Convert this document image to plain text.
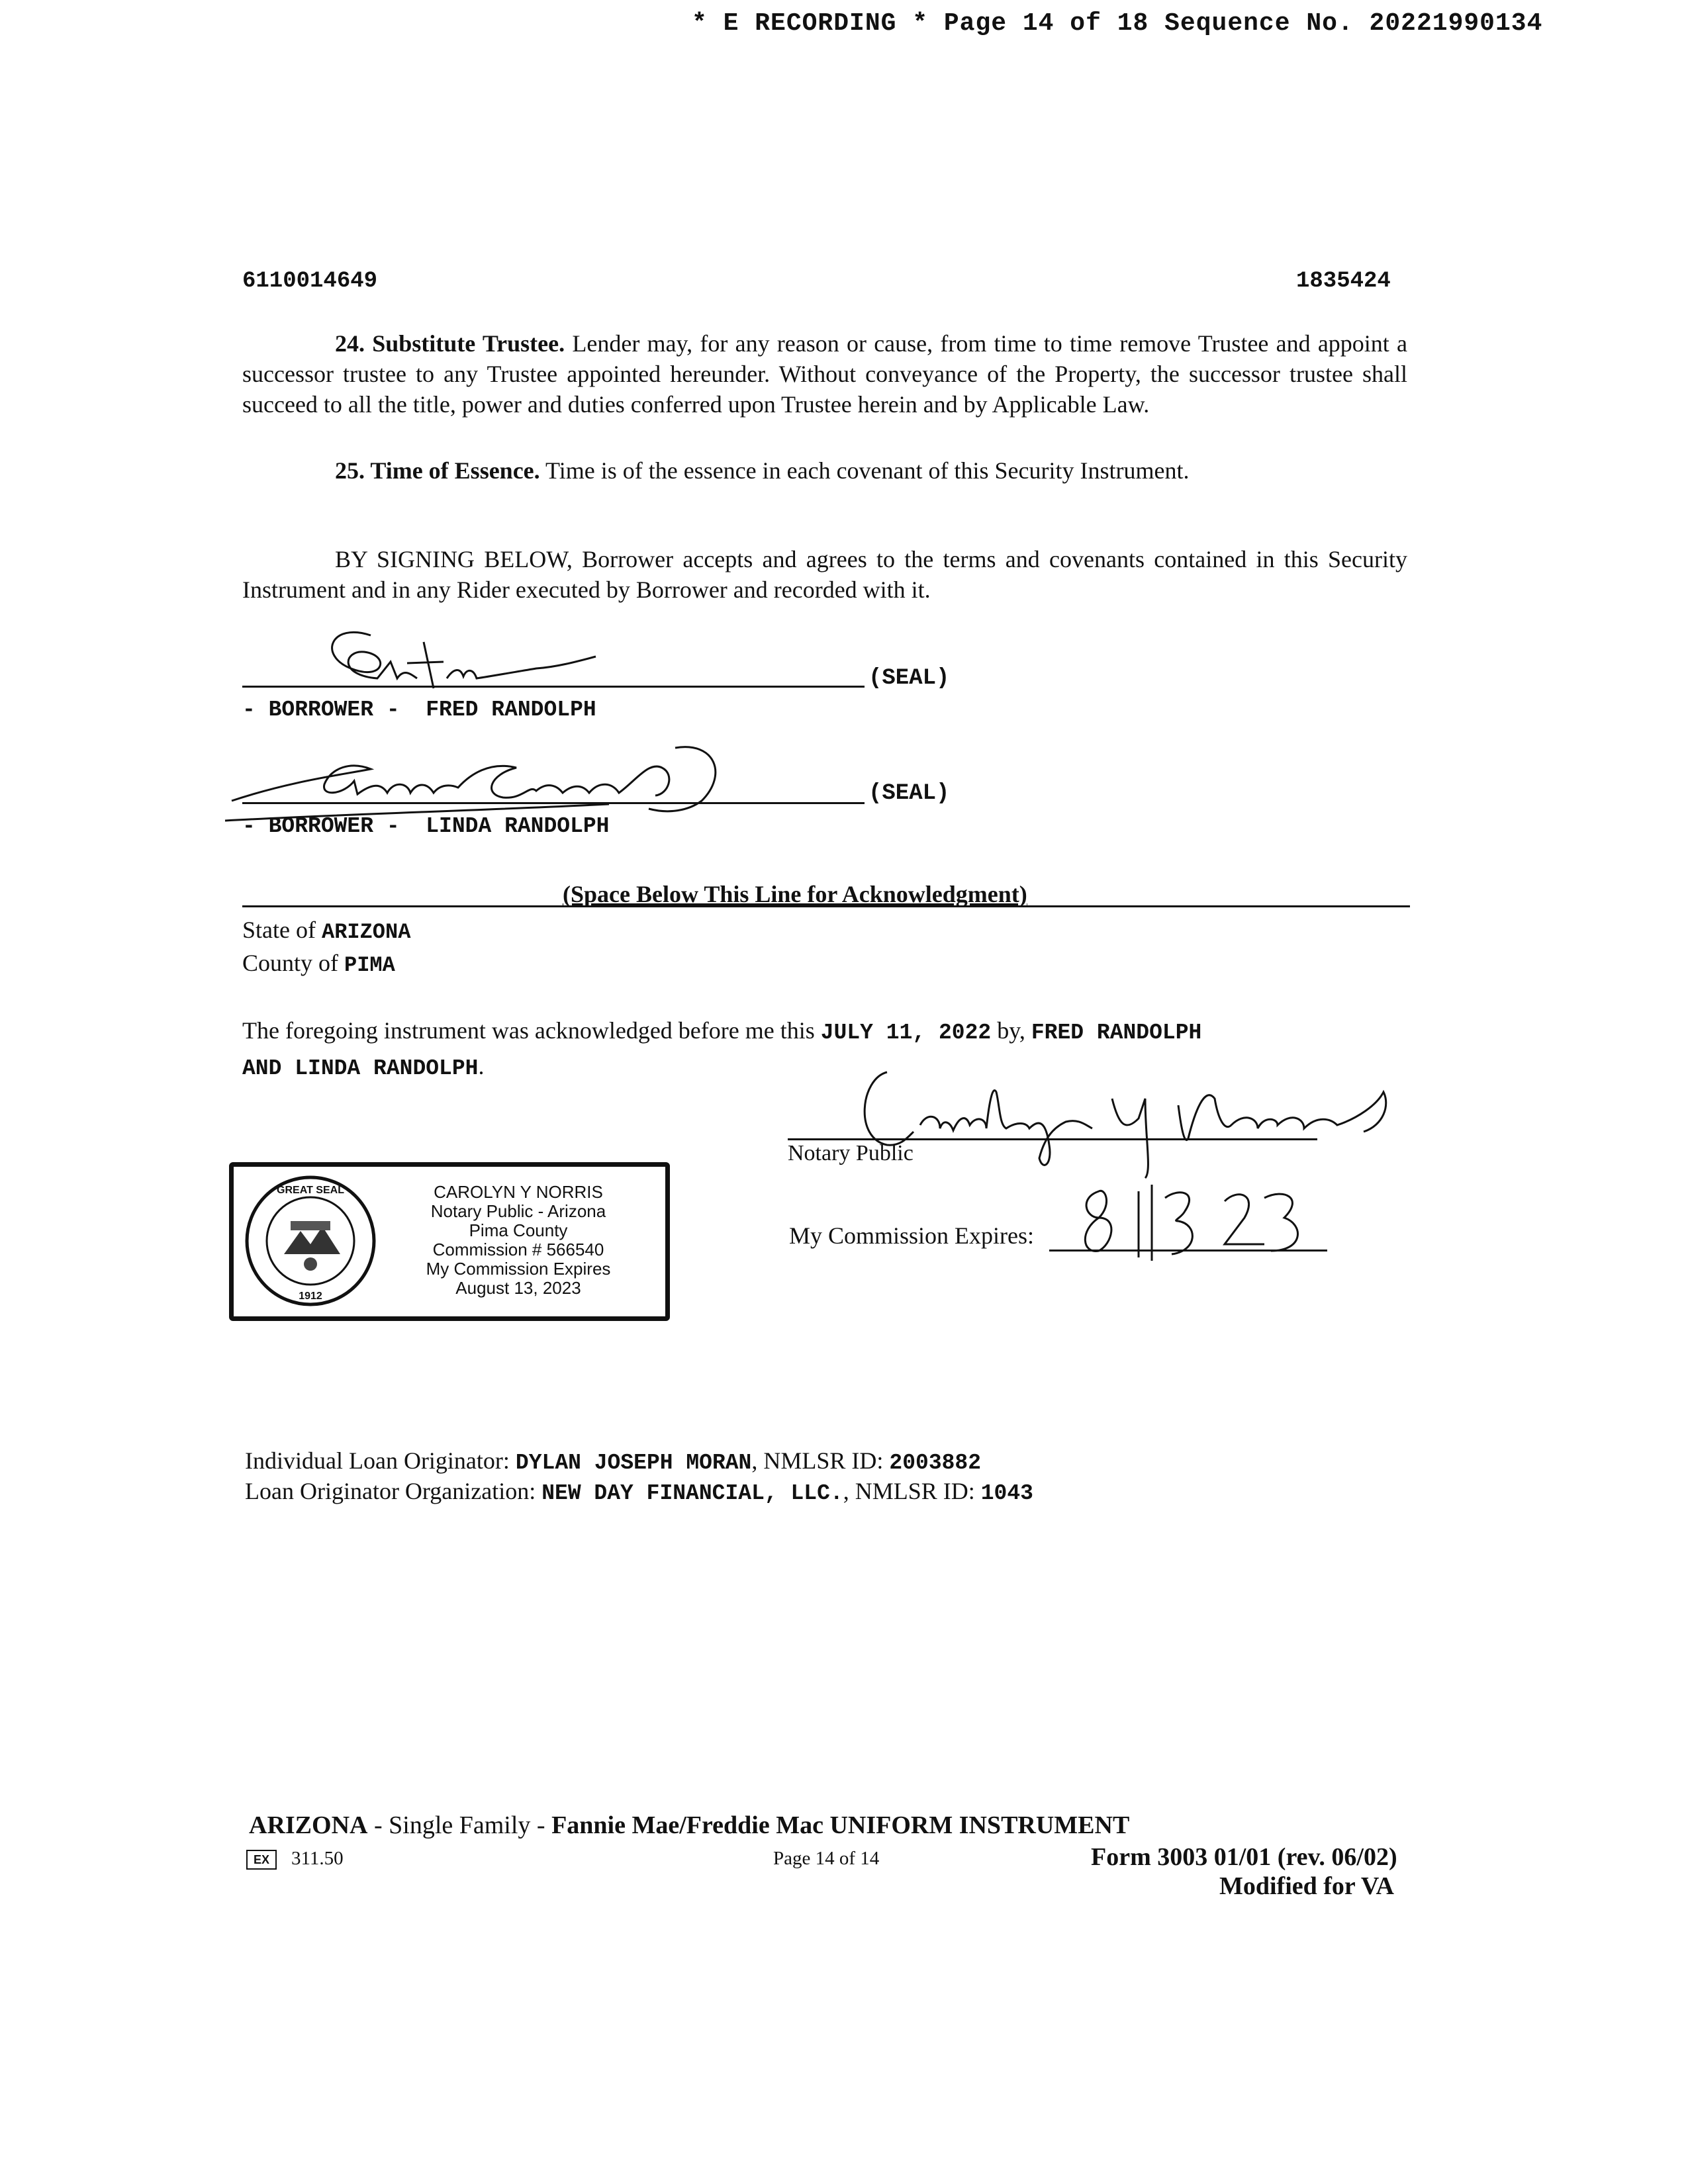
* E RECORDING * Page 14 of 18 Sequence No. 20221990134
6110014649	1835424
24. Substitute Trustee. Lender may, for any reason or cause, from time to time remove Trustee and appoint a successor trustee to any Trustee appointed hereunder. Without conveyance of the Property, the successor trustee shall succeed to all the title, power and duties conferred upon Trustee herein and by Applicable Law.
25. Time of Essence. Time is of the essence in each covenant of this Security Instrument.
BY SIGNING BELOW, Borrower accepts and agrees to the terms and covenants contained in this Security Instrument and in any Rider executed by Borrower and recorded with it.
(SEAL)
- BORROWER -  FRED RANDOLPH
(SEAL)
- BORROWER -  LINDA RANDOLPH
(Space Below This Line for Acknowledgment)
State of ARIZONA
County of PIMA
The foregoing instrument was acknowledged before me this JULY 11, 2022 by, FRED RANDOLPH
AND LINDA RANDOLPH.
Notary Public
My Commission Expires:
GREAT SEAL
1912
CAROLYN Y NORRIS
Notary Public - Arizona
Pima County
Commission # 566540
My Commission Expires
August 13, 2023
Individual Loan Originator: DYLAN JOSEPH MORAN, NMLSR ID: 2003882
Loan Originator Organization: NEW DAY FINANCIAL, LLC., NMLSR ID: 1043
ARIZONA - Single Family - Fannie Mae/Freddie Mac UNIFORM INSTRUMENT
EX	311.50	Page 14 of 14	Form 3003 01/01 (rev. 06/02)
Modified for VA
